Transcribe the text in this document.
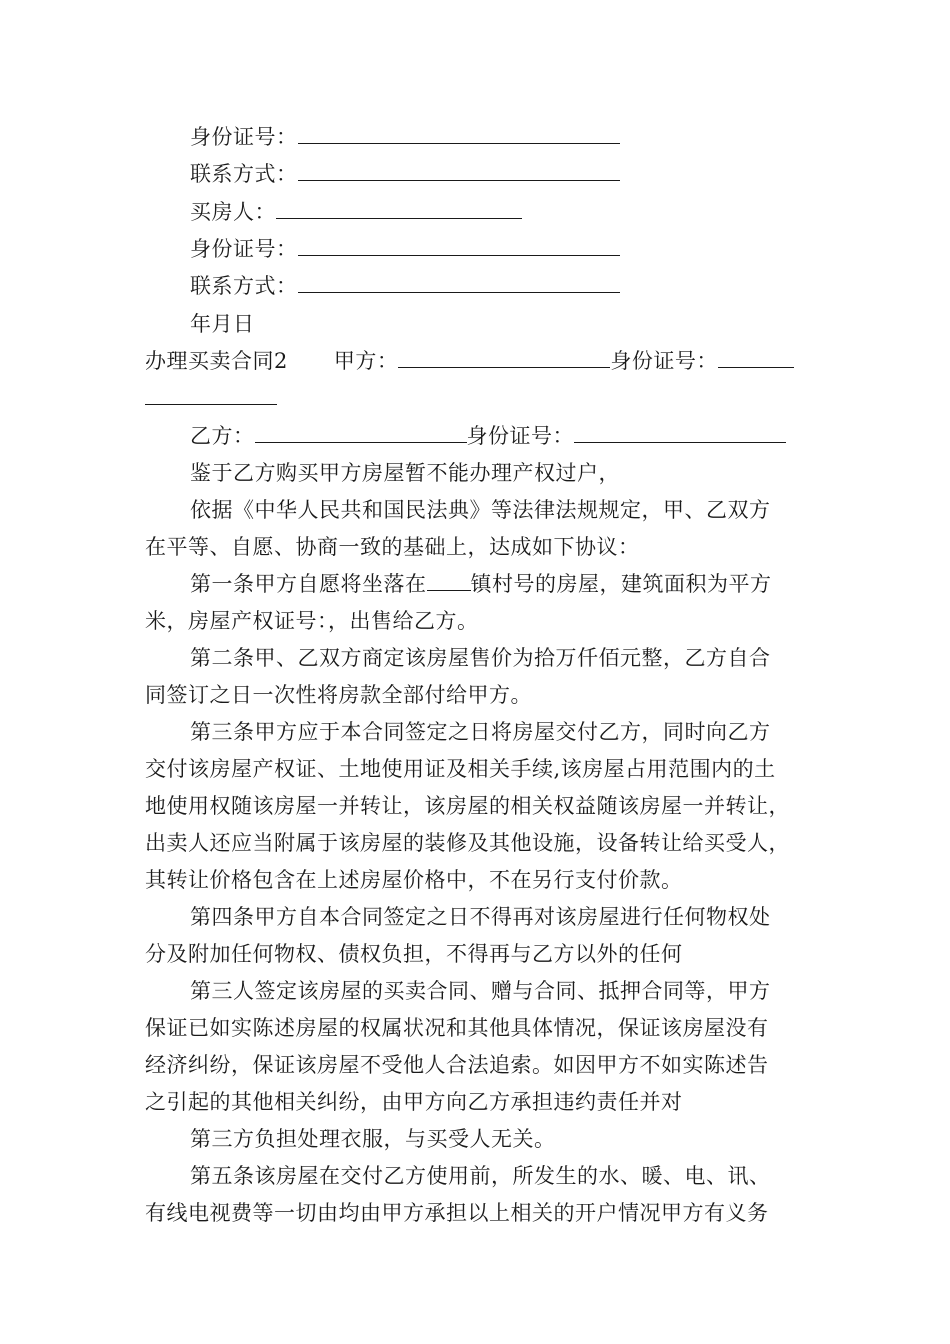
身份证号：
联系方式：
买房人：
身份证号：
联系方式：
年月日
办理买卖合同2 甲方：	身份证号：
乙方：	身份证号：
鉴于乙方购买甲方房屋暂不能办理产权过户，
依据《中华人民共和国民法典》等法律法规规定，甲、乙双方
在平等、自愿、协商一致的基础上，达成如下协议：
第一条甲方自愿将坐落在 镇村号的房屋，建筑面积为平方
米，房屋产权证号：，出售给乙方。
第二条甲、乙双方商定该房屋售价为拾万仟佰元整，乙方自合
同签订之日一次性将房款全部付给甲方。
第三条甲方应于本合同签定之日将房屋交付乙方，同时向乙方
交付该房屋产权证、土地使用证及相关手续,该房屋占用范围内的土
地使用权随该房屋一并转让，该房屋的相关权益随该房屋一并转让，
出卖人还应当附属于该房屋的装修及其他设施，设备转让给买受人，
其转让价格包含在上述房屋价格中，不在另行支付价款。
第四条甲方自本合同签定之日不得再对该房屋进行任何物权处
分及附加任何物权、债权负担，不得再与乙方以外的任何
第三人签定该房屋的买卖合同、赠与合同、抵押合同等，甲方
保证已如实陈述房屋的权属状况和其他具体情况，保证该房屋没有
经济纠纷，保证该房屋不受他人合法追索。如因甲方不如实陈述告
之引起的其他相关纠纷，由甲方向乙方承担违约责任并对
第三方负担处理衣服，与买受人无关。
第五条该房屋在交付乙方使用前，所发生的水、暖、电、讯、
有线电视费等一切由均由甲方承担以上相关的开户情况甲方有义务
